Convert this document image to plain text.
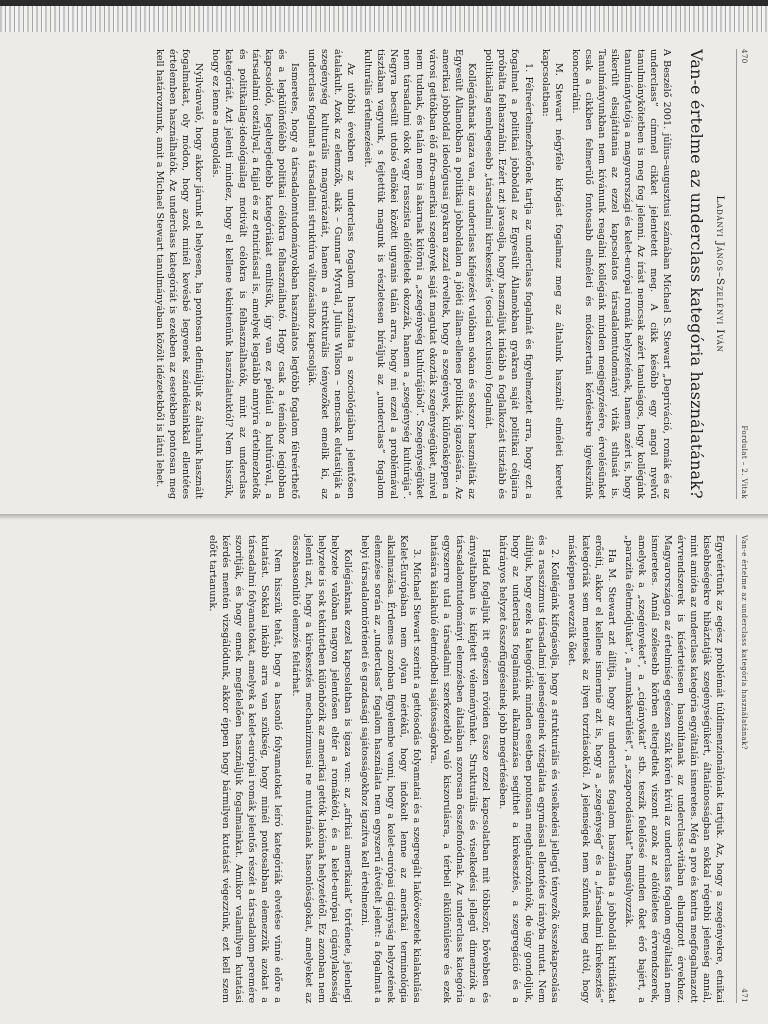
470
Fordulat – 2. Vitak
Ladányi János–Szelényi Iván
Van-e értelme az underclass kategória használatának?

A Beszélő 2001. július–augusztusi számában Michael S. Stewart „Depriváció, romák és az underclass” címmel cikket jelentetett meg. A cikk később egy angol nyelvű tanulmánykötetben is meg fog jelenni. Az írást nemcsak azért tanulságos, hogy kollégánk tanulmánytatója a magyarországi és kelet-európai romák helyzetének, hanem azért is, hogy sikerült elsajátítania az ezzel kapcsolatos társadalomtudományi viták stílusát is. Tanulmányunkban nem kívánunk reagálni kollégánk minden megjegyzésére, érvelésünket csak a cikkben felmerülő fontosabb elméleti és módszertani kérdésekre igyekszünk koncentrálni.

M. Stewart négyféle kifogást fogalmaz meg az általunk használt elméleti keretet kapcsolatban:

1. Félreértelmezhetőnek tartja az underclass fogalmát és figyelmeztet arra, hogy ezt a fogalmat a politikai jobboldal az Egyesült Államokban gyakran saját politikai céljaira próbálta felhasználni. Ezért azt javasolja, hogy használjuk inkább a foglalkozást tisztább és politikailag semlegesebb „társadalmi kirekesztés” (social exclusion) fogalmát.

Kollégánknak igaza van, az underclass kifejezést valóban sokan és sokszor használták az Egyesült Államokban a politikai jobboldalon a jóléti állam-ellenes politikák igazolására. Az amerikai jobboldal ideológusai gyakran azzal érveltek, hogy a szegények, különösképpen a városi gettókban élő afro-amerikai szegények saját magukat okozták szegénységüket, mivel nem tudnak, és talán nem is akarnak kitörni a „szegénység kultúrájából”. Szegénységüket nem társadalmi okok vagy rasszista előítéletek okozzák, hanem a „szegénység kultúrája”. Negyra becsült utolsó elnökei között ugyanis talán arra, hogy mi ezzel a problémával tisztában vagyunk, s fejtettük magunk is részletesen bíráljuk az „underclass” fogalom kulturális értelmezéseit.

Az utóbbi években az underclass fogalom használata a szociológiában jelentősen átalakult. Azok az elemzők, akik – Gunnar Myrdal, Julius Wilson – nemcsak elutasítják a szegénység kulturális magyarázatát, hanem a strukturális tényezőket emelik ki, az underclass fogalmat a társadalmi struktúra változásaihoz kapcsolják.

Ismeretes, hogy a társadalomtudományokban használatos legtöbb fogalom félreérthető és a legkülönfélébb politikai célokra felhasználható. Hogy csak a témához legjobban kapcsolódó, legelterjedtebb kategóriákat említsük, így van ez például a kultúrával, a társadalmi osztállyal, a fajjal és az etnicitással is, amelyek legalább annyira értelmezhetők és politikailag-ideológiailag motivált célokra is felhasználhatók, mint az underclass kategóriát. Azt jelenti mindez, hogy el kellene tekintenünk használatuktól? Nem hisszük, hogy ez lenne a megoldás.

Nyilvánvaló, hogy akkor járunk el helyesen, ha pontosan definiáljuk az általunk használt fogalmakat, oly módon, hogy azok minél kevésbé legyenek szándékainkkal ellentétes értelemben használhatók. Az underclass kategóriát is ezekben az esetekben pontosan meg kell határoznunk, amit a Michael Stewart tanulmányában közölt idézetekből is látni lehet.

Van-e értelme az underclass kategória használatának?
471

Egyetértünk az egész problémát túldimenzionálónak tartjuk. Az, hogy a szegényekre, etnikai kisebbségekre hibáztatják szegénységükért, általánosságban sokkal régebbi jelenség annál, mint amióta az underclass kategória egyáltalán ismeretes. Még a pro és kontra megfogalmazott érvrendszerek is kísértetiesen hasonlítanak az underclass-vitában elhangzott érvekhez. Magyarországon az értelmiség egészen szűk körén kívül az underclass fogalom egyáltalán nem ismeretes. Annál szélesebb körben elterjedtek viszont azok az előítéletes érvrendszerek, amelyek a „szegényeket”, a „cigányokat” stb. teszik felelőssé minden őket érő bajért, a „parazita életmódjukat”, a „munkakerülést”, a „szaporodásukat” hangsúlyozzák.

Ha M. Stewart azt állítja, hogy az underclass fogalom használata a jobboldali kritikákat erősíti, akkor el kellene ismernie azt is, hogy a „szegénység” és a „társadalmi kirekesztés” kategóriák sem mentesek az ilyen torzításoktól. A jelenségek nem szűnnek meg attól, hogy másképpen nevezzük őket.

2. Kollégánk kifogásolja, hogy a strukturális és viselkedési jellegű tényezők összekapcsolása és a rasszizmus társadalmi jelenségeinek vizsgálata egymással ellentétes irányba mutat. Nem állítjuk, hogy ezek a kategóriák minden esetben pontosan meghatározhatók, de úgy gondoljuk, hogy az underclass fogalmának alkalmazása segíthet a kirekesztés, a szegregáció és a hátrányos helyzet összefüggéseinek jobb megértésében.

Hadd foglaljuk itt egészen röviden össze ezzel kapcsolatban mit többször, bővebben és árnyaltabban is kifejtett véleményünket. Strukturális és viselkedési jellegű dimenziók a társadalomtudományi elemzésben általában szorosan összefonódnak. Az underclass kategória egyszerre utal a társadalmi szerkezetből való kiszorulásra, a térbeli elkülönülésre és ezek hatására kialakuló életmódbeli sajátosságokra.

3. Michael Stewart szerint a gettósodás folyamatai és a szegregált lakóövezetek kialakulása Kelet-Európában nem olyan mértékű, hogy indokolt lenne az amerikai terminológia alkalmazása. Érdemes azonban figyelembe venni, hogy a kelet-európai cigányság helyzetének elemzése során az „underclass” fogalom használata nem egyszerű átvételt jelent: a fogalmat a helyi társadalomtörténeti és gazdasági sajátosságokhoz igazítva kell értelmezni.

Kollégánknak ezzel kapcsolatban is igaza van: az „afrikai amerikaiak” története, jelenlegi helyzete valóban nagyon jelentősen eltér a romákétól, és a kelet-európai cigánylakosság helyzete is sok tekintetben különbözik az amerikai gettók lakóinak helyzetétől. Ez azonban nem jelenti azt, hogy a kirekesztés mechanizmusai ne mutatnának hasonlóságokat, amelyeket az összehasonlító elemzés feltárhat.

Nem hisszük tehát, hogy a hasonló folyamatokat leíró kategóriák elvetése vinné előre a kutatást. Sokkal inkább arra van szükség, hogy minél pontosabban elemezzük azokat a társadalmi folyamatokat, amelyek a kelet-európai romák jelentős részét a társadalom peremére szorítják, és hogy ennek megfelelően használjuk fogalmainkat. Amikor valamilyen kutatási kérdés mentén vizsgálódunk, akkor éppen hogy bármilyen kutatást végezzünk, ezt kell szem előtt tartanunk.
